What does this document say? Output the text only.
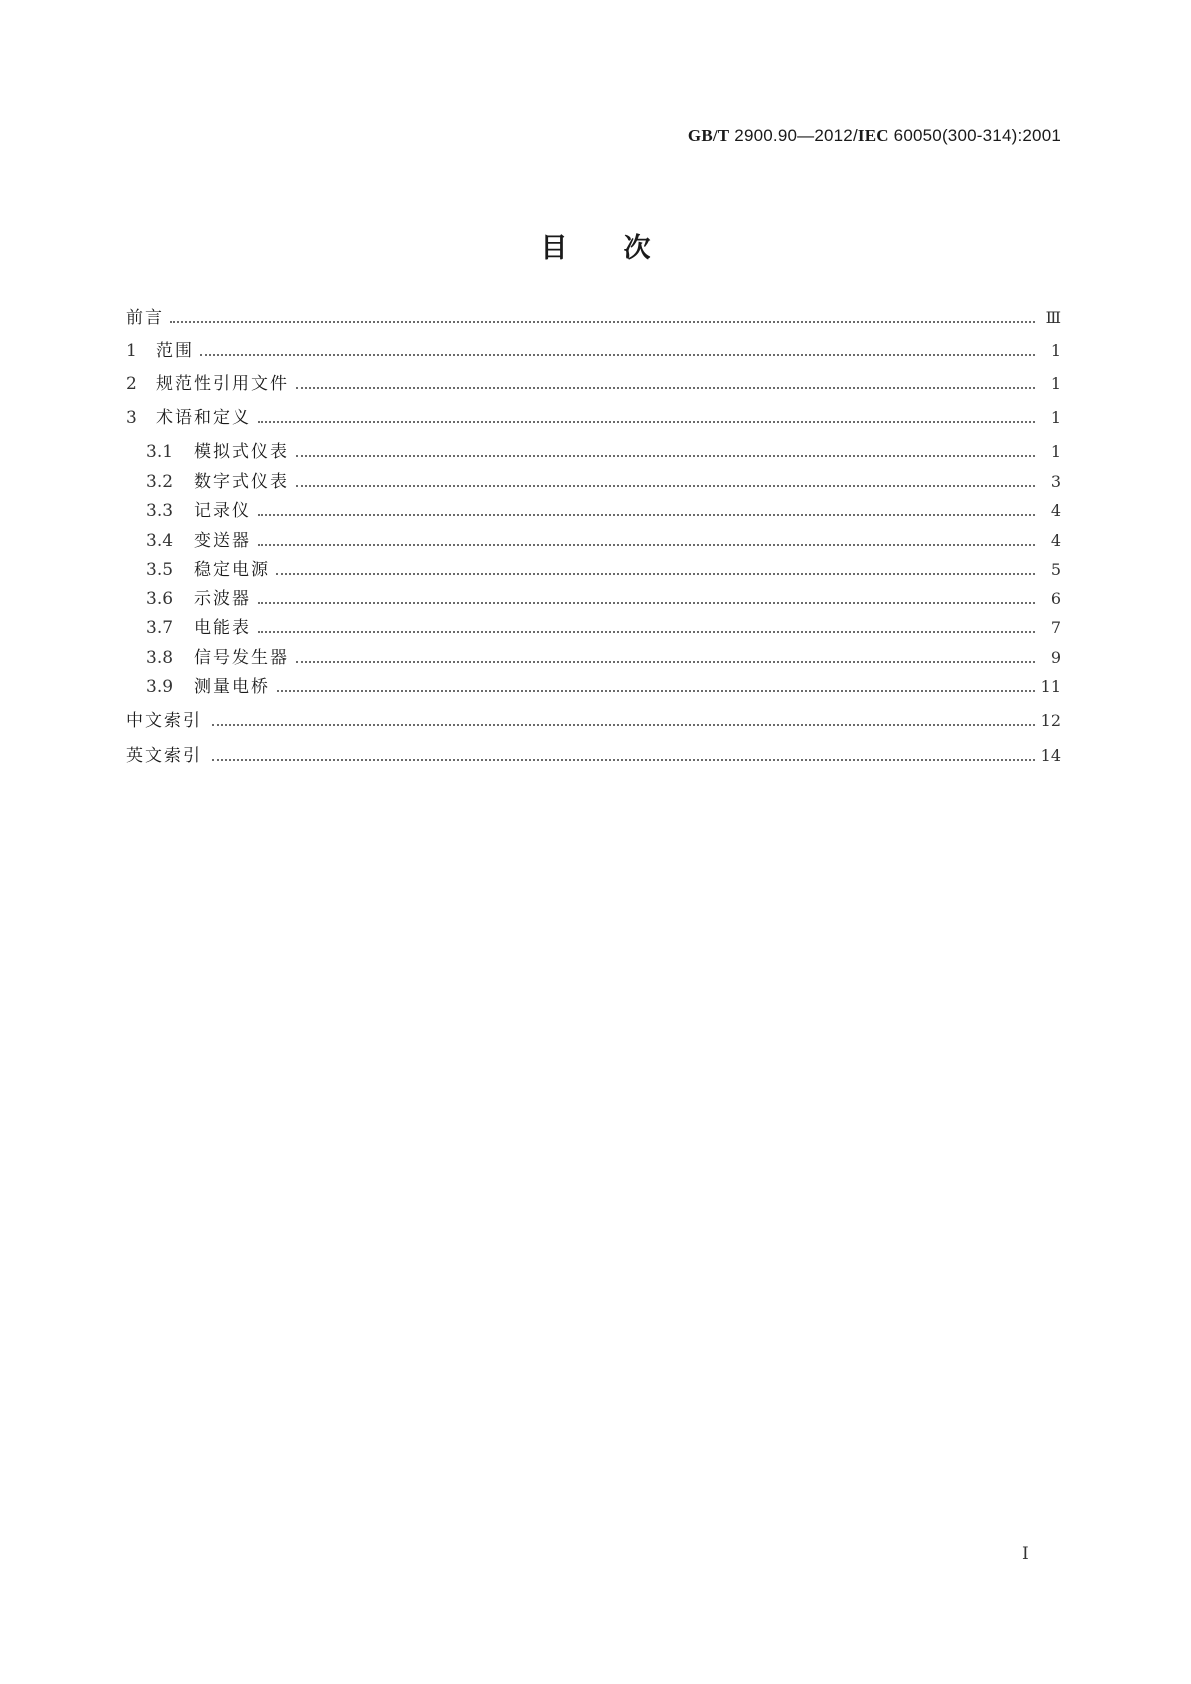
GB/T 2900.90—2012/IEC 60050(300-314):2001
目次
前言	Ⅲ
1 范围	1
2 规范性引用文件	1
3 术语和定义	1
3.1 模拟式仪表	1
3.2 数字式仪表	3
3.3 记录仪	4
3.4 变送器	4
3.5 稳定电源	5
3.6 示波器	6
3.7 电能表	7
3.8 信号发生器	9
3.9 测量电桥	11
中文索引	12
英文索引	14
I
